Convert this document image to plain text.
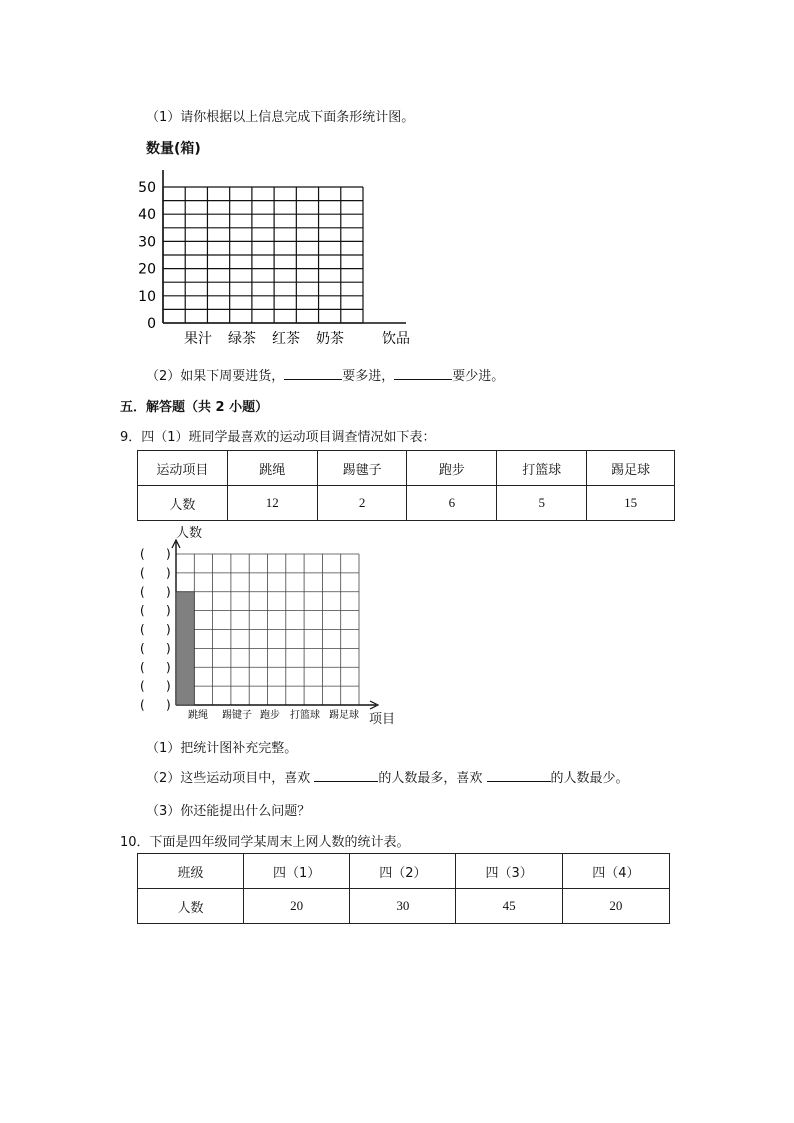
（1）请你根据以上信息完成下面条形统计图。
数量(箱)
50
40
30
20
10
0
果汁 绿茶 红茶 奶茶	饮品
（2）如果下周要进货，	要多进，	要少进。
五．解答题（共 2 小题）
9．四（1）班同学最喜欢的运动项目调查情况如下表：
运动项目	跳绳	踢毽子	跑步	打篮球	踢足球
人数	12	2	6	5	15
人数
跳绳 踢键子 跑步 打篮球 踢足球
( )
( )
( )
( )
( )
( )
( )
( )
( )
项目
（1）把统计图补充完整。
（2）这些运动项目中，喜欢	的人数最多，喜欢	的人数最少。
（3）你还能提出什么问题？
10．下面是四年级同学某周末上网人数的统计表。
班级	四（1）	四（2）	四（3）	四（4）
人数	20	30	45	20
